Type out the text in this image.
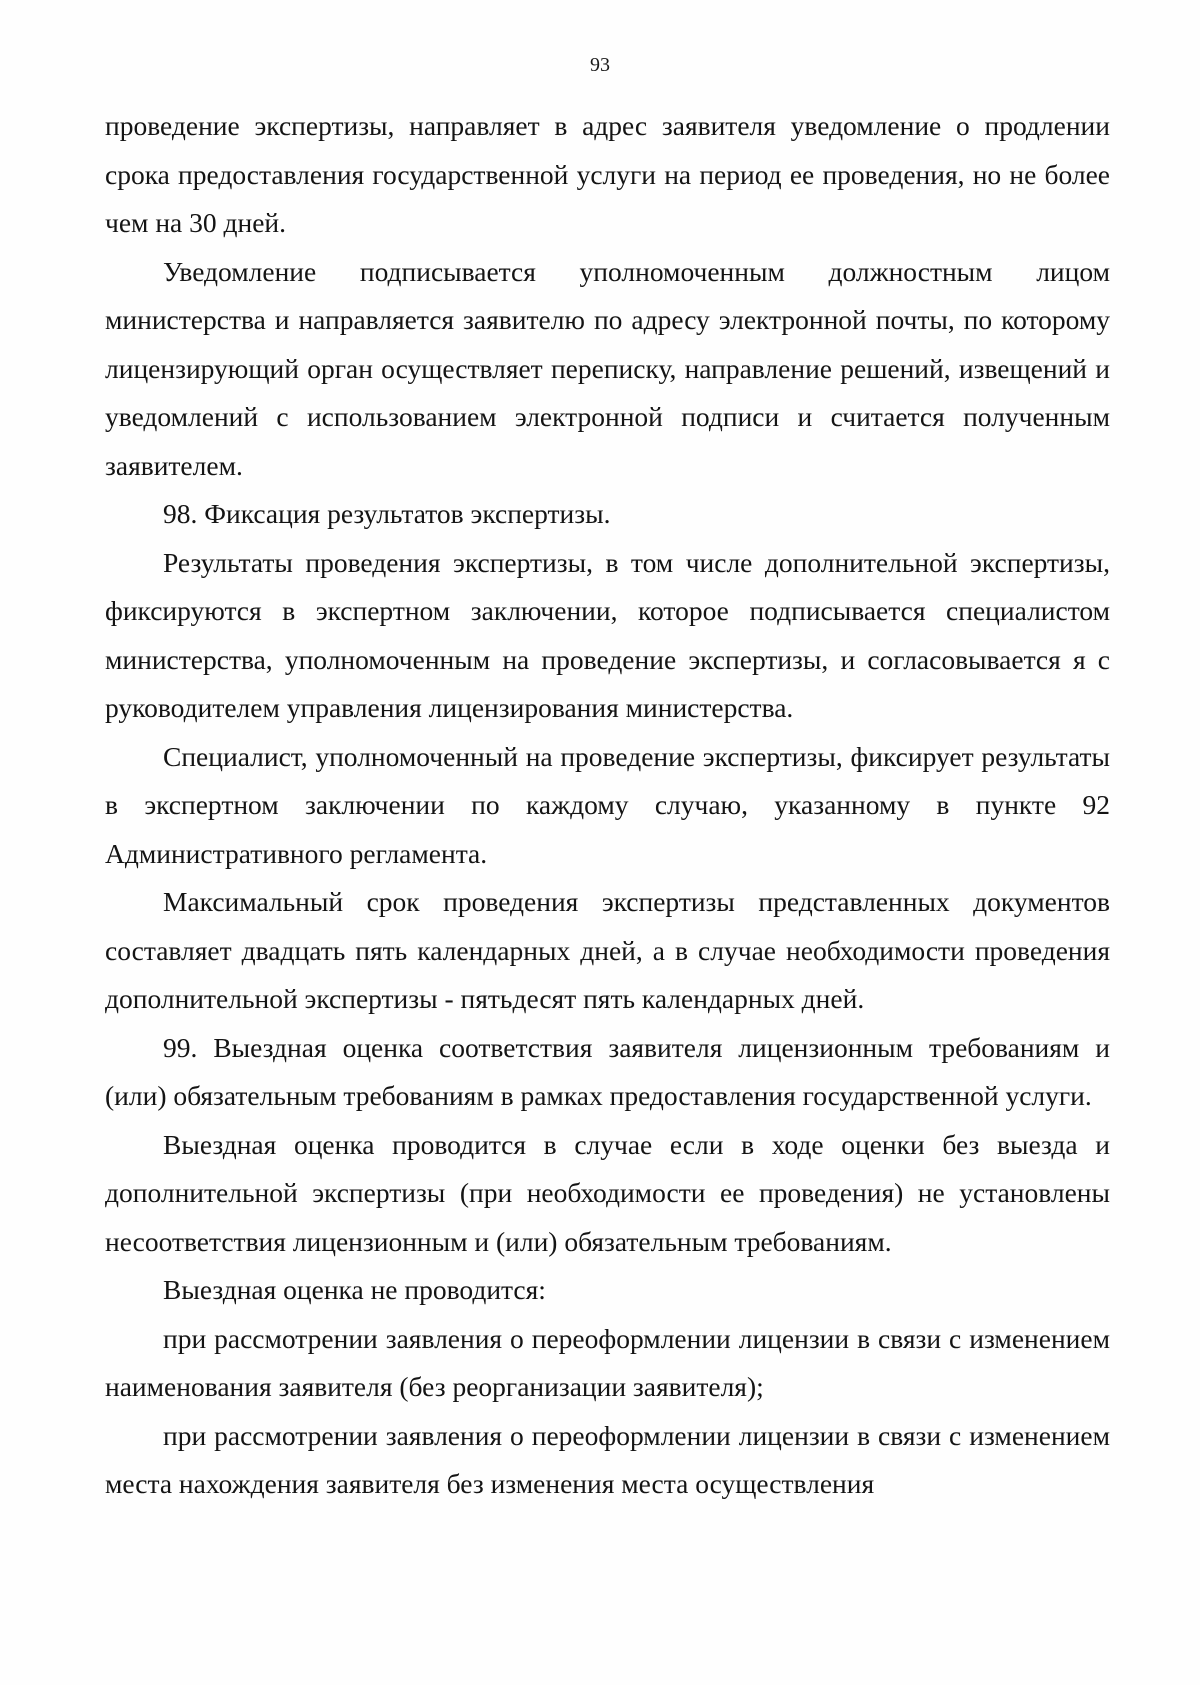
93

проведение экспертизы, направляет в адрес заявителя уведомление о продлении срока предоставления государственной услуги на период ее проведения, но не более чем на 30 дней.

Уведомление подписывается уполномоченным должностным лицом министерства и направляется заявителю по адресу электронной почты, по которому лицензирующий орган осуществляет переписку, направление решений, извещений и уведомлений с использованием электронной подписи и считается полученным заявителем.

98. Фиксация результатов экспертизы.

Результаты проведения экспертизы, в том числе дополнительной экспертизы, фиксируются в экспертном заключении, которое подписывается специалистом министерства, уполномоченным на проведение экспертизы, и согласовывается я с руководителем управления лицензирования министерства.

Специалист, уполномоченный на проведение экспертизы, фиксирует результаты в экспертном заключении по каждому случаю, указанному в пункте 92 Административного регламента.

Максимальный срок проведения экспертизы представленных документов составляет двадцать пять календарных дней, а в случае необходимости проведения дополнительной экспертизы - пятьдесят пять календарных дней.

99. Выездная оценка соответствия заявителя лицензионным требованиям и (или) обязательным требованиям в рамках предоставления государственной услуги.

Выездная оценка проводится в случае если в ходе оценки без выезда и дополнительной экспертизы (при необходимости ее проведения) не установлены несоответствия лицензионным и (или) обязательным требованиям.

Выездная оценка не проводится:

при рассмотрении заявления о переоформлении лицензии в связи с изменением наименования заявителя (без реорганизации заявителя);

при рассмотрении заявления о переоформлении лицензии в связи с изменением места нахождения заявителя без изменения места осуществления
